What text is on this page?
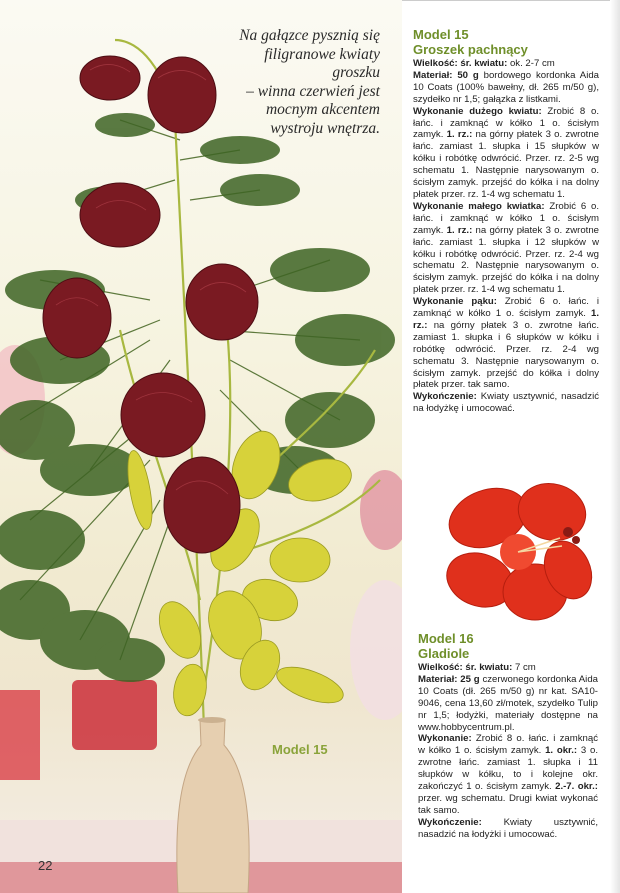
Na gałązce pysznią się
filigranowe kwiaty groszku
– winna czerwień jest
mocnym akcentem
wystroju wnętrza.
Model 15
22
Model 15
Groszek pachnący

Wielkość: śr. kwiatu: ok. 2-7 cm

Materiał: 50 g bordowego kordonka Aida 10 Coats (100% bawełny, dł. 265 m/50 g), szydełko nr 1,5; gałązka z listkami.

Wykonanie dużego kwiatu: Zrobić 8 o. łańc. i zamknąć w kółko 1 o. ścisłym zamyk. 1. rz.: na górny płatek 3 o. zwrotne łańc. zamiast 1. słupka i 15 słupków w kółku i robótkę odwrócić. Przer. rz. 2-5 wg schematu 1. Następnie narysowanym o. ścisłym zamyk. przejść do kółka i na dolny płatek przer. rz. 1-4 wg schematu 1.

Wykonanie małego kwiatka: Zrobić 6 o. łańc. i zamknąć w kółko 1 o. ścisłym zamyk. 1. rz.: na górny płatek 3 o. zwrotne łańc. zamiast 1. słupka i 12 słupków w kółku i robótkę odwrócić. Przer. rz. 2-4 wg schematu 2. Następnie narysowanym o. ścisłym zamyk. przejść do kółka i na dolny płatek przer. rz. 1-4 wg schematu 1.

Wykonanie pąku: Zrobić 6 o. łańc. i zamknąć w kółko 1 o. ścisłym zamyk. 1. rz.: na górny płatek 3 o. zwrotne łańc. zamiast 1. słupka i 6 słupków w kółku i robótkę odwrócić. Przer. rz. 2-4 wg schematu 3. Następnie narysowanym o. ścisłym zamyk. przejść do kółka i dolny płatek przer. tak samo.

Wykończenie: Kwiaty usztywnić, nasadzić na łodyżkę i umocować.

Model 16
Gladiole

Wielkość: śr. kwiatu: 7 cm

Materiał: 25 g czerwonego kordonka Aida 10 Coats (dł. 265 m/50 g) nr kat. SA10-9046, cena 13,60 zł/motek, szydełko Tulip nr 1,5; łodyżki, materiały dostępne na www.hobbycentrum.pl.

Wykonanie: Zrobić 8 o. łańc. i zamknąć w kółko 1 o. ścisłym zamyk. 1. okr.: 3 o. zwrotne łańc. zamiast 1. słupka i 11 słupków w kółku, to i kolejne okr. zakończyć 1 o. ścisłym zamyk. 2.-7. okr.: przer. wg schematu. Drugi kwiat wykonać tak samo.

Wykończenie: Kwiaty usztywnić, nasadzić na łodyżki i umocować.
